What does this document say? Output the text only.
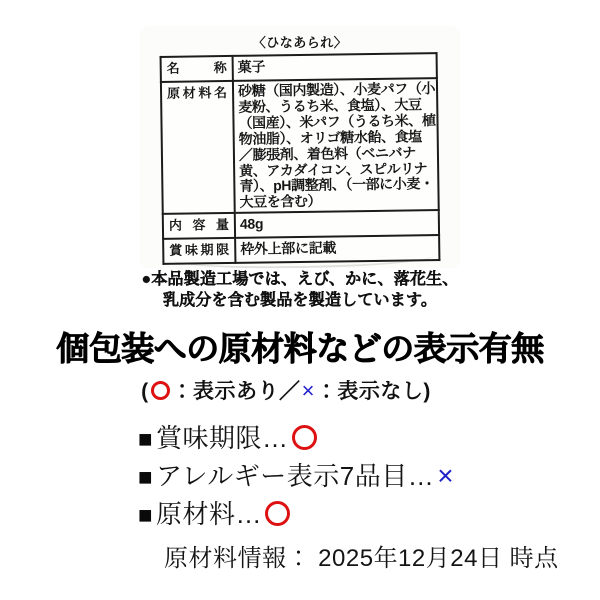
〈ひなあられ〉
名称	菓子
原材料名	砂糖（国内製造）、小麦パフ（小
麦粉、うるち米、食塩）、大豆
（国産）、米パフ（うるち米、植
物油脂）、オリゴ糖水飴、食塩
／膨張剤、着色料（ベニバナ
黄、アカダイコン、スピルリナ
青）、pH調整剤、（一部に小麦・
大豆を含む）

内容量	48g
賞味期限	枠外上部に記載
●本品製造工場では、えび、かに、落花生、
乳成分を含む製品を製造しています。
個包装への原材料などの表示有無
( ○ ：表示あり／×：表示なし)
■ 賞味期限…
■ アレルギー表示7品目… ×
■ 原材料…
原材料情報： 2025年12月24日 時点
